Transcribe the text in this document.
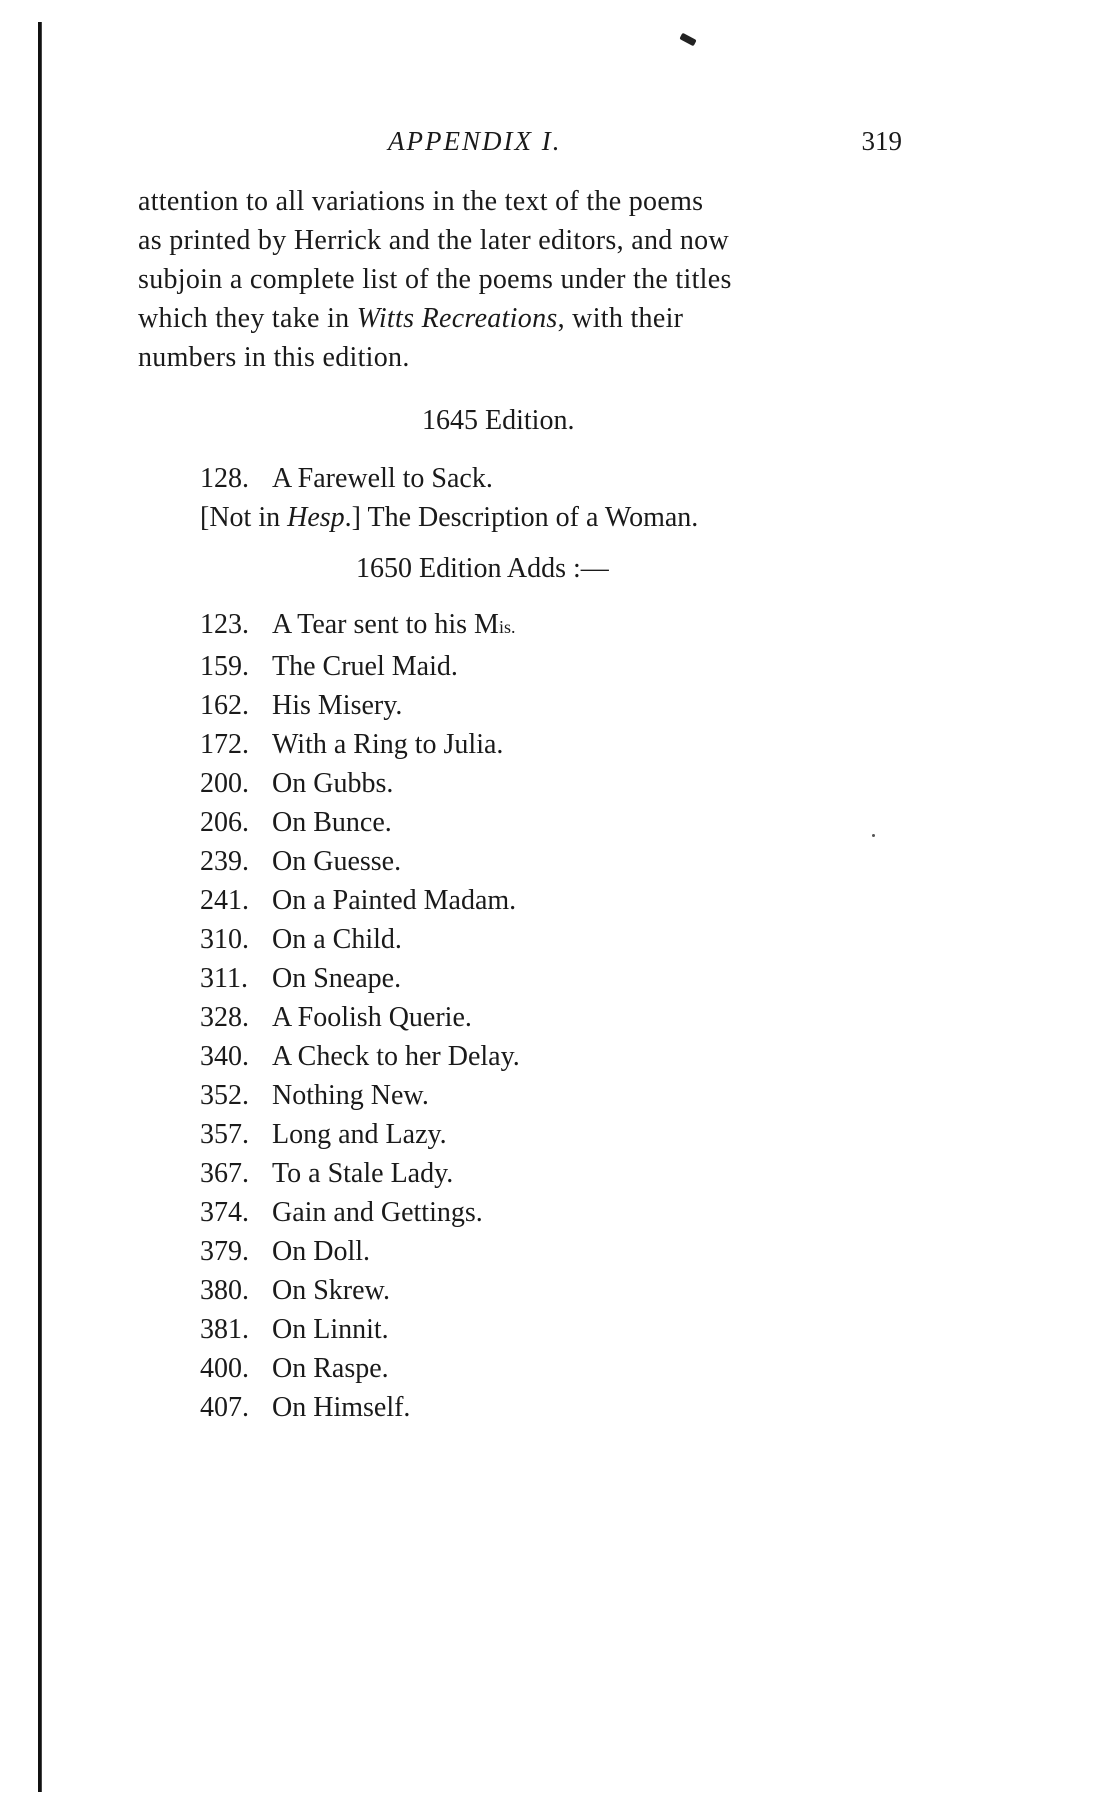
APPENDIX I.	319
attention to all variations in the text of the poems
as printed by Herrick and the later editors, and now
subjoin a complete list of the poems under the titles
which they take in Witts Recreations, with their
numbers in this edition.
1645 Edition.
128. A Farewell to Sack.
[Not in Hesp.] The Description of a Woman.
1650 Edition Adds :—
123. A Tear sent to his Mis.
159. The Cruel Maid.
162. His Misery.
172. With a Ring to Julia.
200. On Gubbs.
206. On Bunce.
239. On Guesse.
241. On a Painted Madam.
310. On a Child.
311. On Sneape.
328. A Foolish Querie.
340. A Check to her Delay.
352. Nothing New.
357. Long and Lazy.
367. To a Stale Lady.
374. Gain and Gettings.
379. On Doll.
380. On Skrew.
381. On Linnit.
400. On Raspe.
407. On Himself.
